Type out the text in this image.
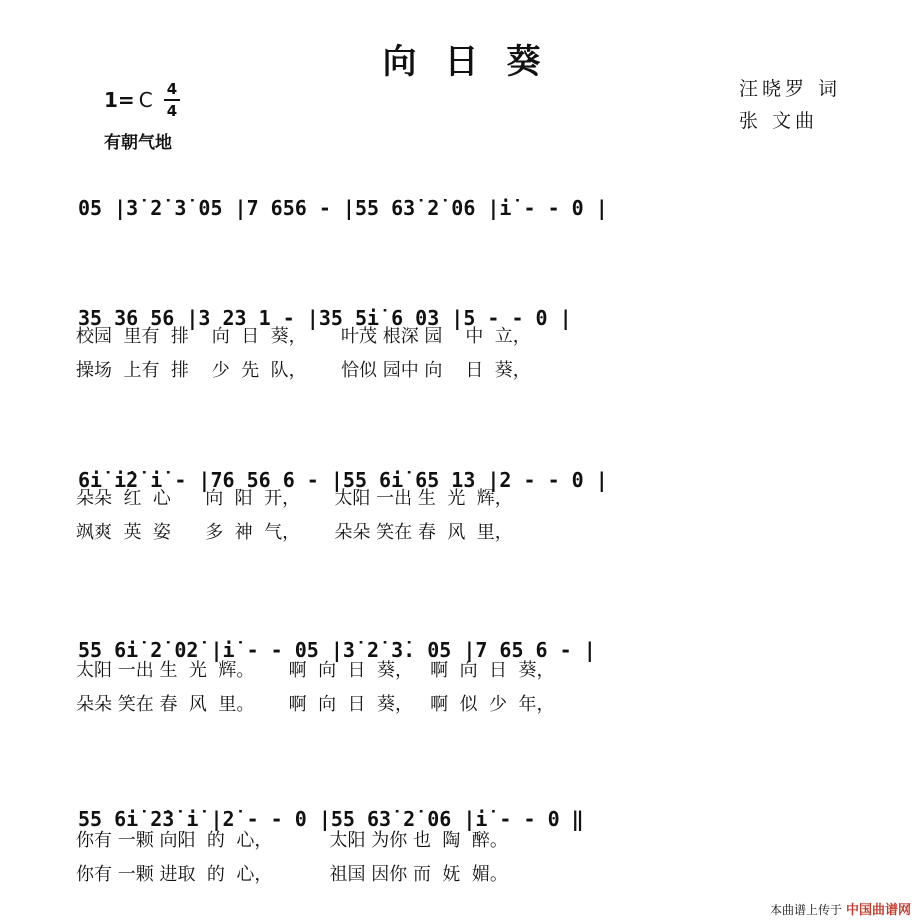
向日葵
1= C 4
4
有朝气地
汪晓罗 词
张 文曲

05 |3̇ 2̇ 3̇ 05 |7 656 - |55 63̇ 2̇ 06 |i̇ - - 0 |

35 36 56 |3 23 1 - |35 5i̇ 6 03 |5 - - 0 |

校园  里有  排    向  日  葵，      叶茂 根深 园    中  立，
操场  上有  排    少  先  队，      恰似 园中 向    日  葵，

6i̇ i̇2̇ i̇ - |76 56 6 - |55 6i̇ 65 13 |2 - - 0 |

朵朵  红  心      向  阳  开，      太阳 一出 生  光  辉，
飒爽  英  姿      多  神  气，      朵朵 笑在 春  风  里，

55 6i̇ 2̇ 02̇ |i̇ - - 05 |3̇ 2̇ 3̇. 05 |7 65 6 - |

太阳 一出 生  光  辉。      啊  向  日  葵，   啊  向  日  葵，
朵朵 笑在 春  风  里。      啊  向  日  葵，   啊  似  少  年，

55 6i̇ 2̇3̇ i̇ |2̇ - - 0 |55 63̇ 2̇ 06 |i̇ - - 0 ‖

你有 一颗 向阳  的  心，          太阳 为你 也  陶  醉。
你有 一颗 进取  的  心，          祖国 因你 而  妩  媚。
本曲谱上传于 中国曲谱网
